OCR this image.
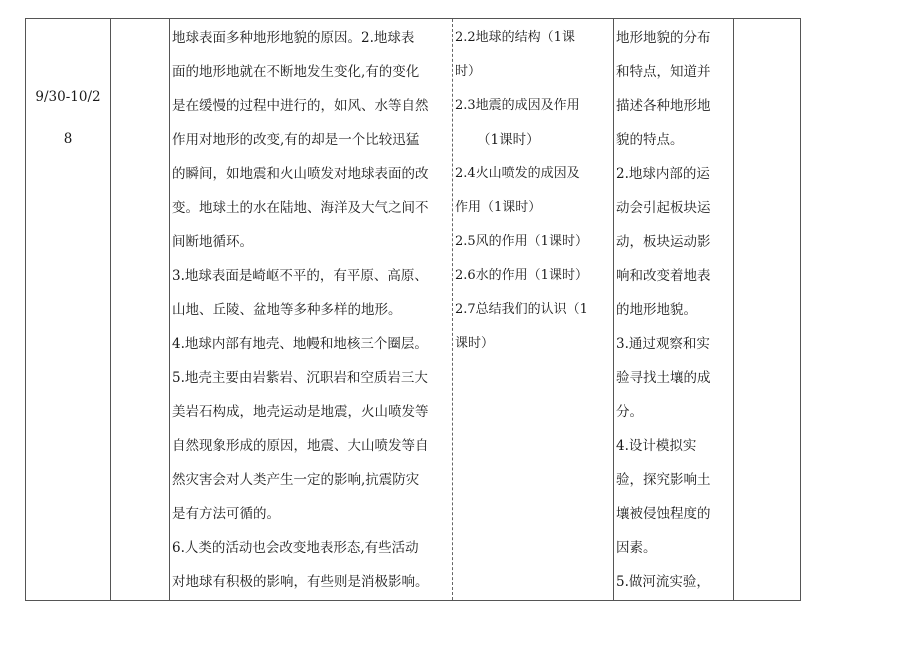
9/30-10/2
8
地球表面多种地形地貌的原因。2.地球表
面的地形地就在不断地发生变化,有的变化
是在缓慢的过程中进行的，如风、水等自然
作用对地形的改变,有的却是一个比较迅猛
的瞬间，如地震和火山喷发对地球表面的改
变。地球土的水在陆地、海洋及大气之间不
间断地循环。
3.地球表面是崎岖不平的，有平原、高原、
山地、丘陵、盆地等多种多样的地形。
4.地球内部有地壳、地幔和地核三个圈层。
5.地壳主要由岩紫岩、沉职岩和空质岩三大
美岩石构成，地壳运动是地震，火山喷发等
自然现象形成的原因，地震、大山喷发等自
然灾害会对人类产生一定的影响,抗震防灾
是有方法可循的。
6.人类的活动也会改变地表形态,有些活动
对地球有积极的影响，有些则是消极影响。
2.2地球的结构（1课
时）
2.3地震的成因及作用
（1课时）
2.4火山喷发的成因及
作用（1课时）
2.5风的作用（1课时）
2.6水的作用（1课时）
2.7总结我们的认识（1
课时）
地形地貌的分布
和特点，知道并
描述各种地形地
貌的特点。
2.地球内部的运
动会引起板块运
动，板块运动影
响和改变着地表
的地形地貌。
3.通过观察和实
验寻找土壤的成
分。
4.设计模拟实
验，探究影响土
壤被侵蚀程度的
因素。
5.做河流实验，
